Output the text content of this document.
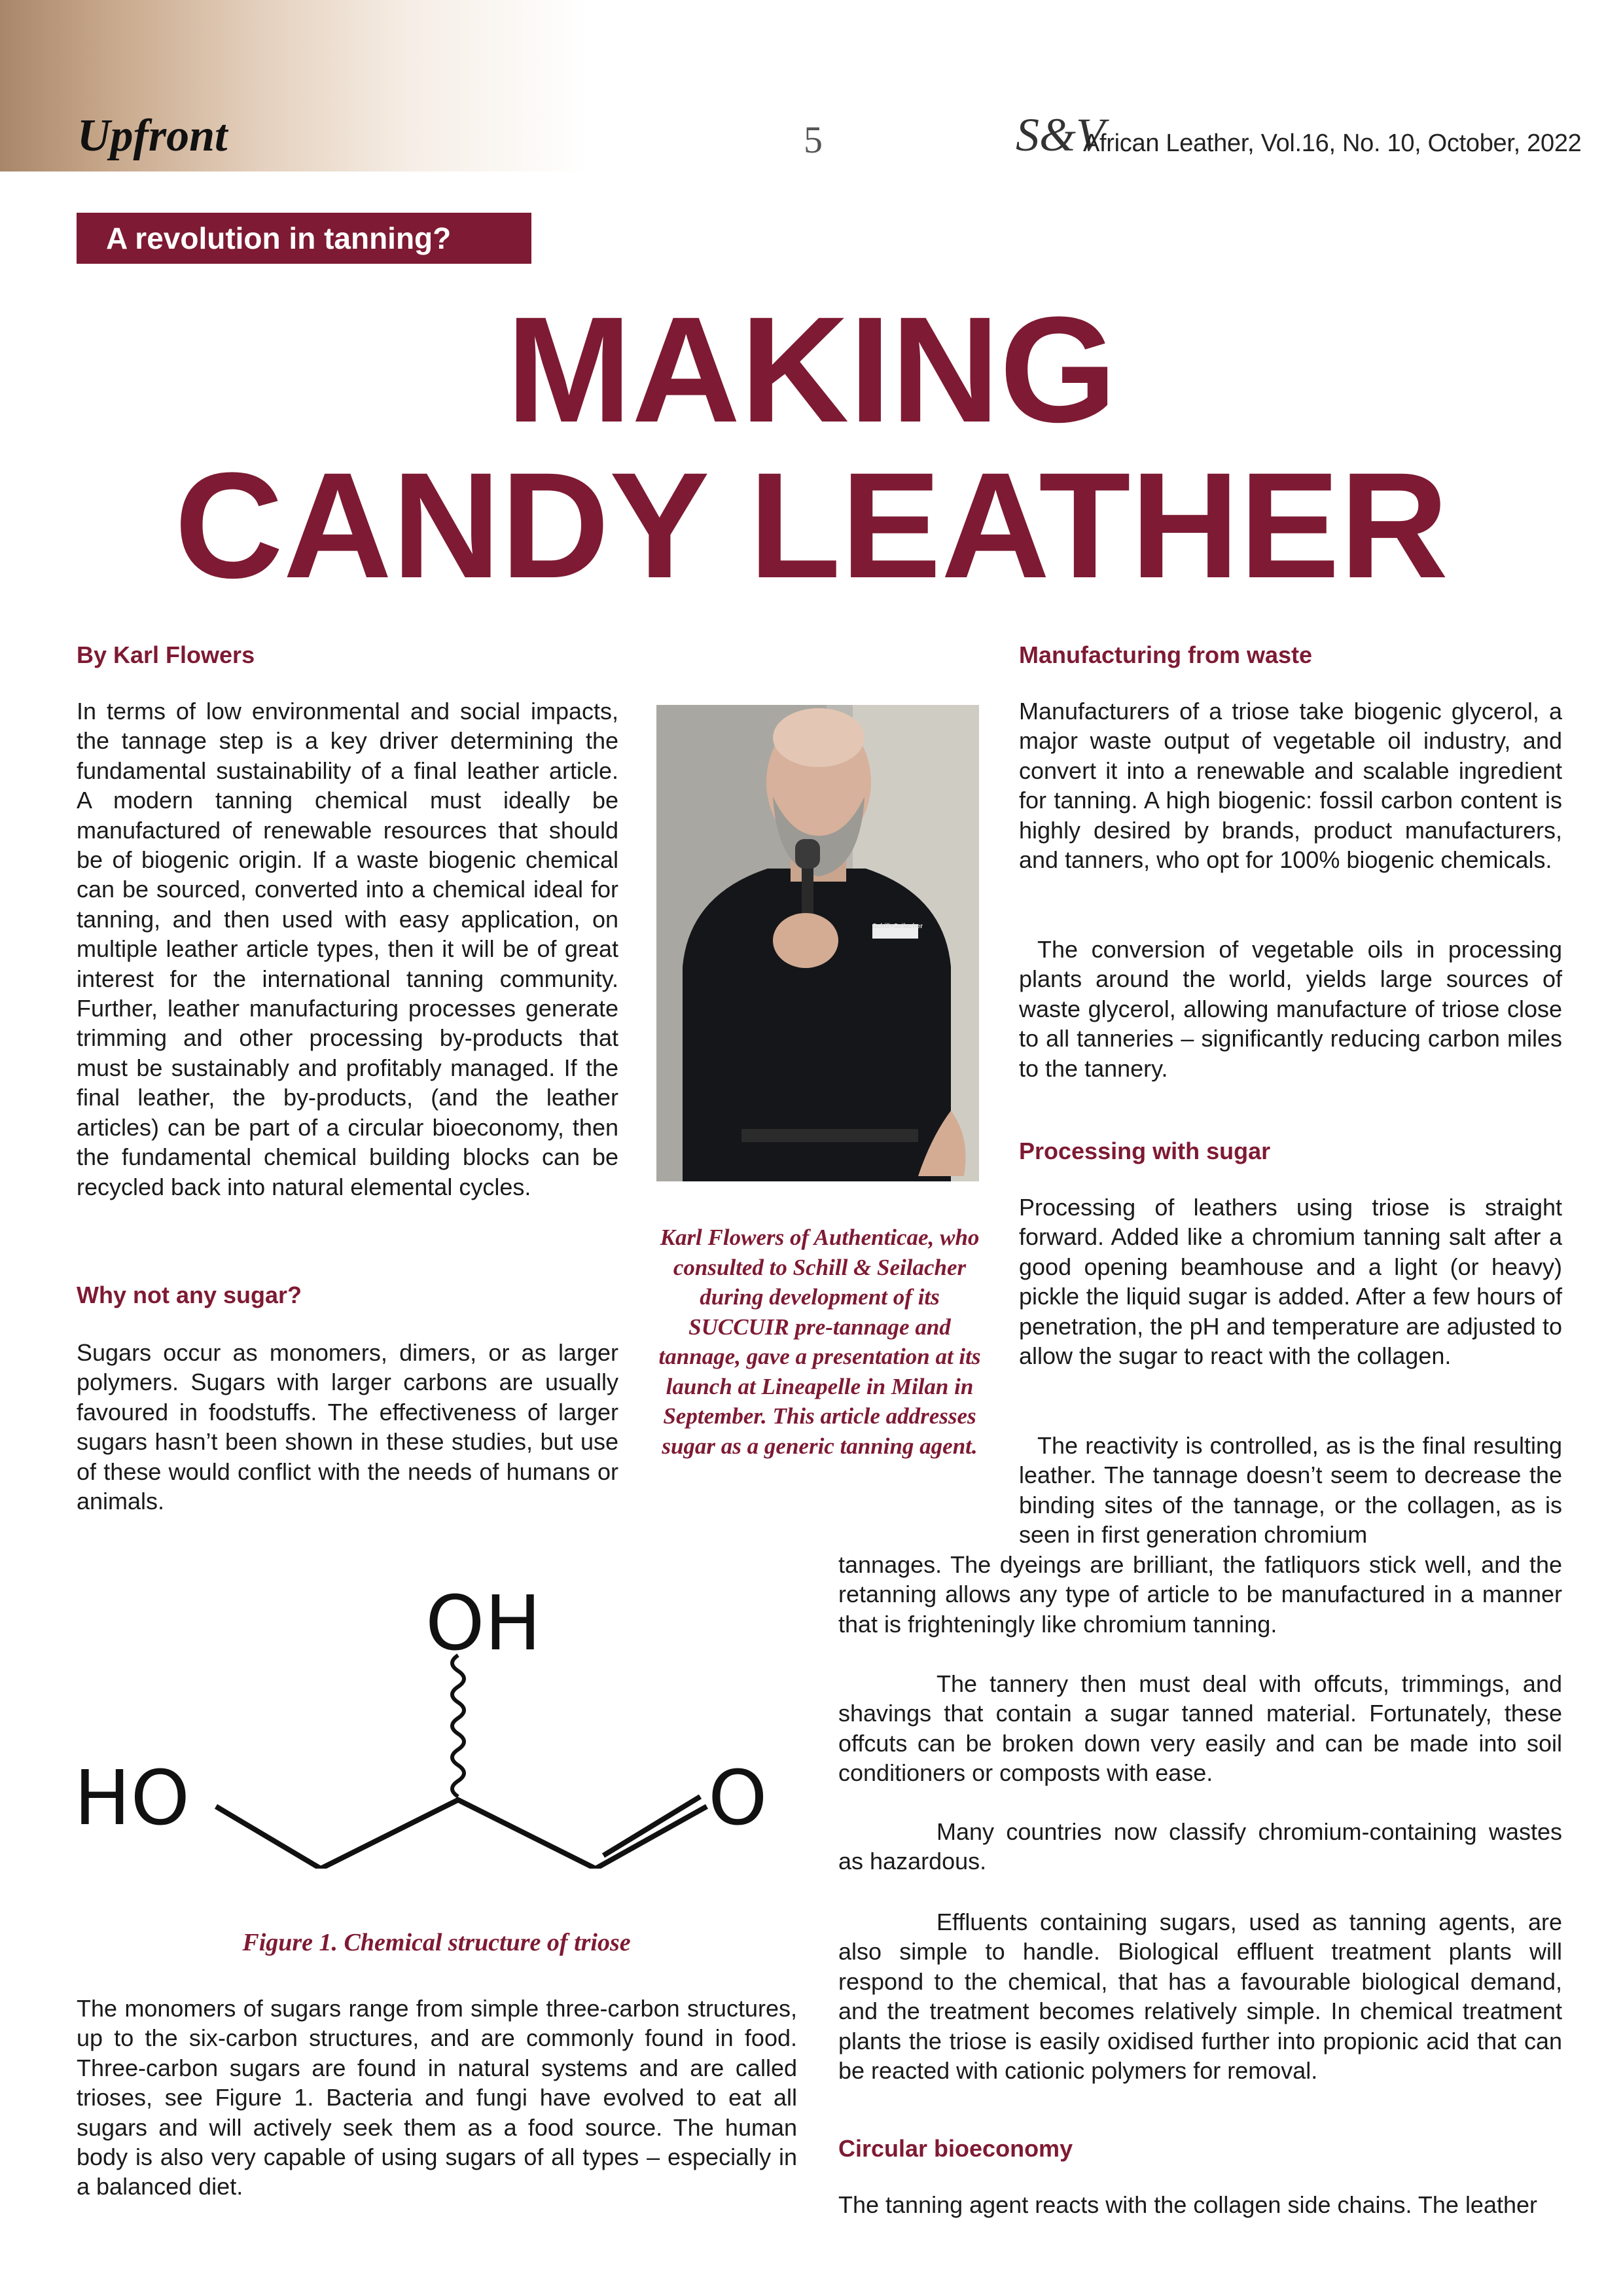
Upfront	5	S&V
African Leather, Vol.16, No. 10, October, 2022
A revolution in tanning?
MAKING
CANDY LEATHER
By Karl Flowers
In terms of low environmental and social impacts, the tannage step is a key driver determining the fundamental sustainability of a final leather article. A modern tanning chemical must ideally be manufactured of renewable resources that should be of biogenic origin. If a waste biogenic chemical can be sourced, converted into a chemical ideal for tanning, and then used with easy application, on multiple leather article types, then it will be of great interest for the international tanning community. Further, leather manufacturing processes generate trimming and other processing by-products that must be sustainably and profitably managed. If the final leather, the by-products, (and the leather articles) can be part of a circular bioeconomy, then the fundamental chemical building blocks can be recycled back into natural elemental cycles.
Why not any sugar?
Sugars occur as monomers, dimers, or as larger polymers. Sugars with larger carbons are usually favoured in foodstuffs. The effectiveness of larger sugars hasn’t been shown in these studies, but use of these would conflict with the needs of humans or animals.
Schill+Seilacher
Karl Flowers of Authenticae, who consulted to Schill & Seilacher during development of its SUCCUIR pre-tannage and tannage, gave a presentation at its launch at Lineapelle in Milan in September. This article addresses sugar as a generic tanning agent.
OH
HO	O
Figure 1. Chemical structure of triose
The monomers of sugars range from simple three-carbon structures, up to the six-carbon structures, and are commonly found in food. Three-carbon sugars are found in natural systems and are called trioses, see Figure 1. Bacteria and fungi have evolved to eat all sugars and will actively seek them as a food source. The human body is also very capable of using sugars of all types – especially in a balanced diet.
Manufacturing from waste
Manufacturers of a triose take biogenic glycerol, a major waste output of vegetable oil industry, and convert it into a renewable and scalable ingredient for tanning. A high biogenic: fossil carbon content is highly desired by brands, product manufacturers, and tanners, who opt for 100% biogenic chemicals.
The conversion of vegetable oils in processing plants around the world, yields large sources of waste glycerol, allowing manufacture of triose close to all tanneries – significantly reducing carbon miles to the tannery.
Processing with sugar
Processing of leathers using triose is straight forward. Added like a chromium tanning salt after a good opening beamhouse and a light (or heavy) pickle the liquid sugar is added. After a few hours of penetration, the pH and temperature are adjusted to allow the sugar to react with the collagen.
The reactivity is controlled, as is the final resulting leather. The tannage doesn’t seem to decrease the binding sites of the tannage, or the collagen, as is seen in first generation chromium
tannages. The dyeings are brilliant, the fatliquors stick well, and the retanning allows any type of article to be manufactured in a manner that is frighteningly like chromium tanning.
The tannery then must deal with offcuts, trimmings, and shavings that contain a sugar tanned material. Fortunately, these offcuts can be broken down very easily and can be made into soil conditioners or composts with ease.
Many countries now classify chromium-containing wastes as hazardous.
Effluents containing sugars, used as tanning agents, are also simple to handle. Biological effluent treatment plants will respond to the chemical, that has a favourable biological demand, and the treatment becomes relatively simple. In chemical treatment plants the triose is easily oxidised further into propionic acid that can be reacted with cationic polymers for removal.
Circular bioeconomy
The tanning agent reacts with the collagen side chains. The leather
